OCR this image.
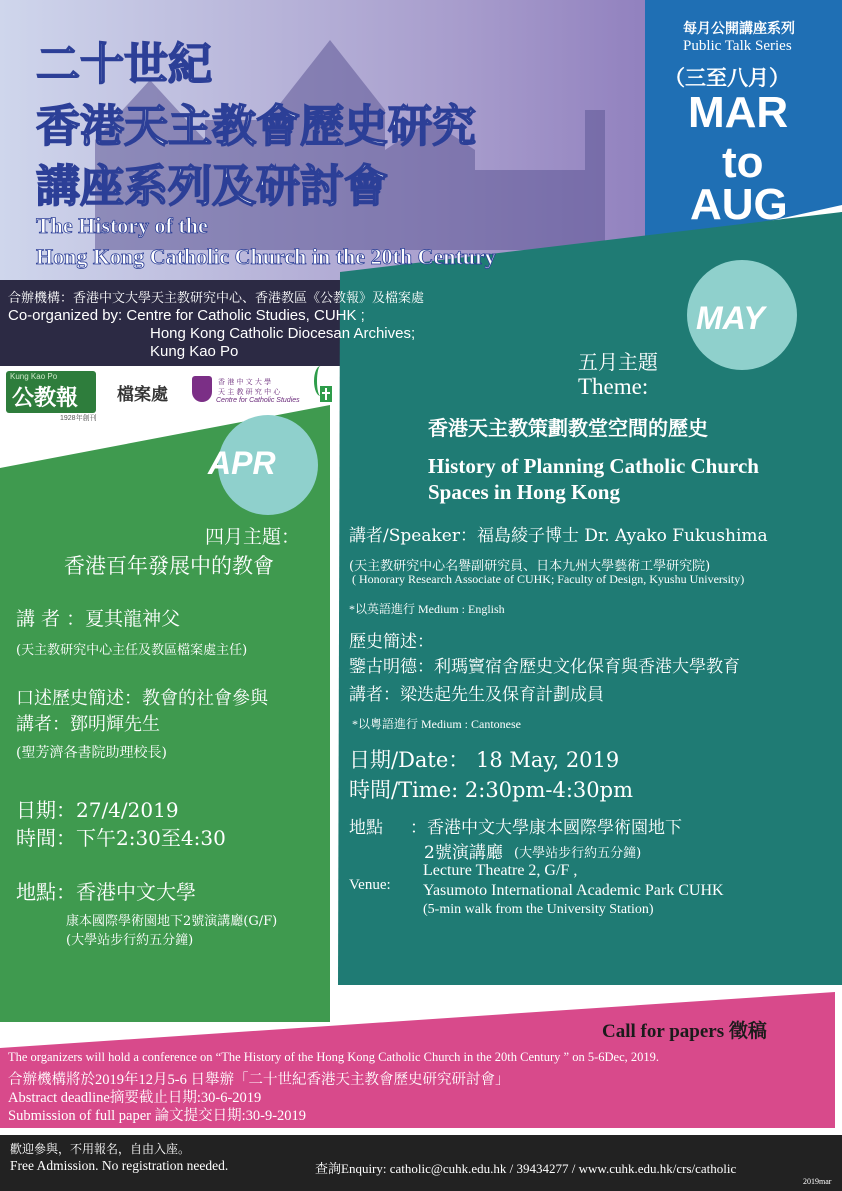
二十世紀
香港天主教會歷史研究
講座系列及研討會
The History of the
Hong Kong Catholic Church in the 20th Century
每月公開講座系列
Public Talk Series
（三至八月）
MAR
to
AUG
合辦機構：香港中文大學天主教研究中心、香港教區《公教報》及檔案處
Co-organized by: Centre for Catholic Studies, CUHK ;
Hong Kong Catholic Diocesan Archives;
Kung Kao Po
Kung Kao Po
公教報
1928年創刊
檔案處
香 港 中 文 大 學
天 主 教 研 究 中 心
Centre for Catholic Studies
MAY
五月主題
Theme:
香港天主教策劃教堂空間的歷史
History of Planning Catholic Church
Spaces in Hong Kong
講者/Speaker：福島綾子博士 Dr. Ayako Fukushima
(天主教研究中心名譽副研究員、日本九州大學藝術工學研究院)
( Honorary Research Associate of CUHK; Faculty of Design, Kyushu University)
*以英語進行 Medium : English
歷史簡述：
鑒古明德：利瑪竇宿舍歷史文化保育與香港大學教育
講者：梁迭起先生及保育計劃成員
*以粵語進行 Medium : Cantonese
日期/Date： 18 May, 2019
時間/Time: 2:30pm-4:30pm
地點 ：香港中文大學康本國際學術園地下
2號演講廳 (大學站步行約五分鐘)
Venue:
Lecture Theatre 2, G/F ,
Yasumoto International Academic Park CUHK
(5-min walk from the University Station)
APR
四月主題：
香港百年發展中的教會
講 者 ：夏其龍神父
(天主教研究中心主任及教區檔案處主任)
口述歷史簡述：教會的社會參與
講者：鄧明輝先生
(聖芳濟各書院助理校長)
日期：27/4/2019
時間：下午2:30至4:30
地點：香港中文大學
康本國際學術園地下2號演講廳(G/F)
(大學站步行約五分鐘)
Call for papers 徵稿
The organizers will hold a conference on “The History of the Hong Kong Catholic Church in the 20th Century ” on 5-6Dec, 2019.
合辦機構將於2019年12月5-6 日舉辦「二十世紀香港天主教會歷史研究研討會」
Abstract deadline摘要截止日期:30-6-2019
Submission of full paper 論文提交日期:30-9-2019
歡迎參與，不用報名，自由入座。
Free Admission. No registration needed.	查詢Enquiry: catholic@cuhk.edu.hk / 39434277 / www.cuhk.edu.hk/crs/catholic
2019mar
